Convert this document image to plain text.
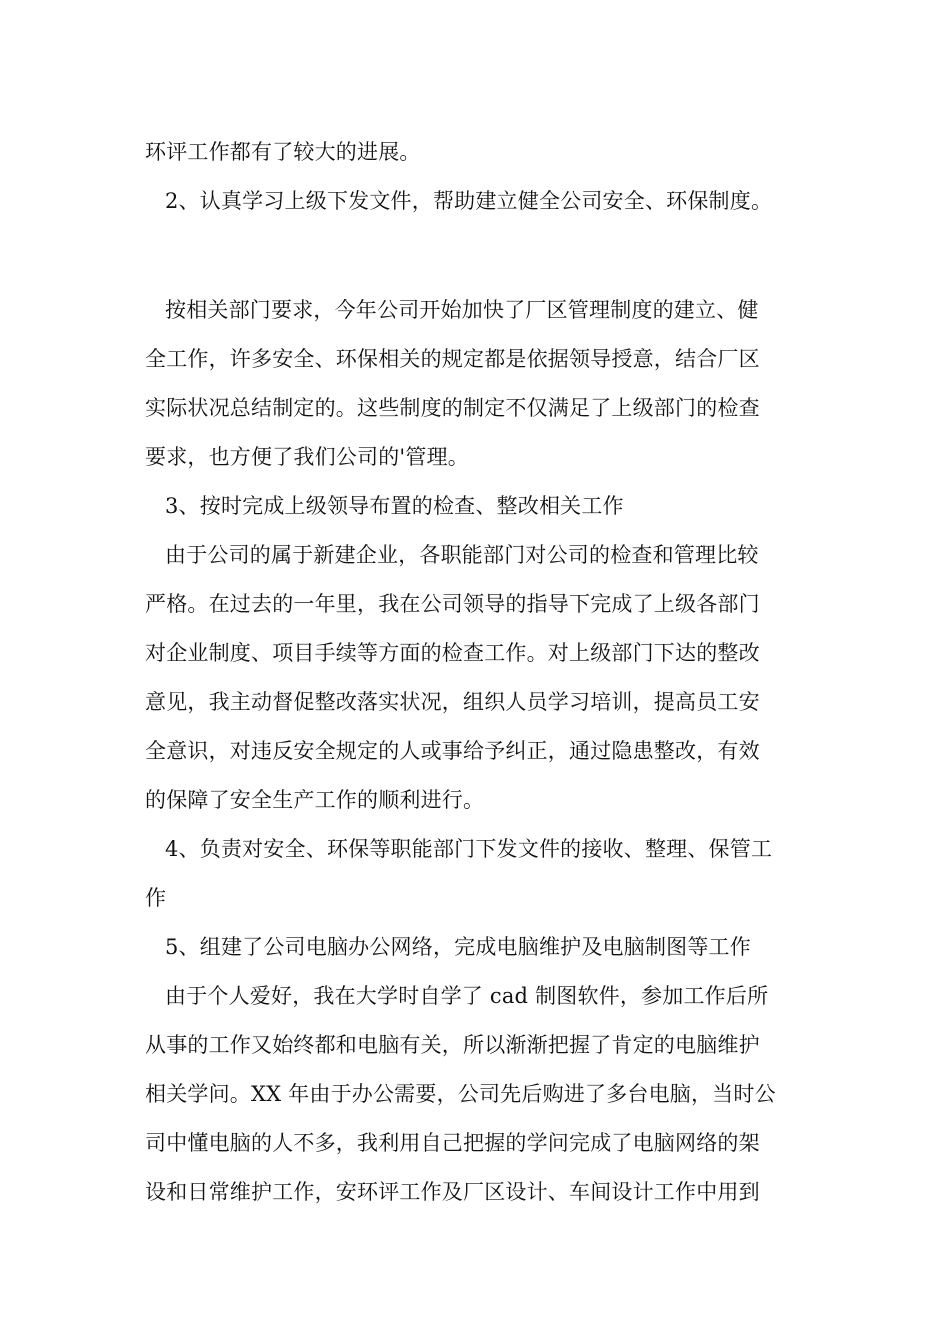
环评工作都有了较大的进展。
2、认真学习上级下发文件，帮助建立健全公司安全、环保制度。
按相关部门要求，今年公司开始加快了厂区管理制度的建立、健
全工作，许多安全、环保相关的规定都是依据领导授意，结合厂区
实际状况总结制定的。这些制度的制定不仅满足了上级部门的检查
要求，也方便了我们公司的'管理。
3、按时完成上级领导布置的检查、整改相关工作
由于公司的属于新建企业，各职能部门对公司的检查和管理比较
严格。在过去的一年里，我在公司领导的指导下完成了上级各部门
对企业制度、项目手续等方面的检查工作。对上级部门下达的整改
意见，我主动督促整改落实状况，组织人员学习培训，提高员工安
全意识，对违反安全规定的人或事给予纠正，通过隐患整改，有效
的保障了安全生产工作的顺利进行。
4、负责对安全、环保等职能部门下发文件的接收、整理、保管工
作
5、组建了公司电脑办公网络，完成电脑维护及电脑制图等工作
由于个人爱好，我在大学时自学了 cad 制图软件，参加工作后所
从事的工作又始终都和电脑有关，所以渐渐把握了肯定的电脑维护
相关学问。XX 年由于办公需要，公司先后购进了多台电脑，当时公
司中懂电脑的人不多，我利用自己把握的学问完成了电脑网络的架
设和日常维护工作，安环评工作及厂区设计、车间设计工作中用到
